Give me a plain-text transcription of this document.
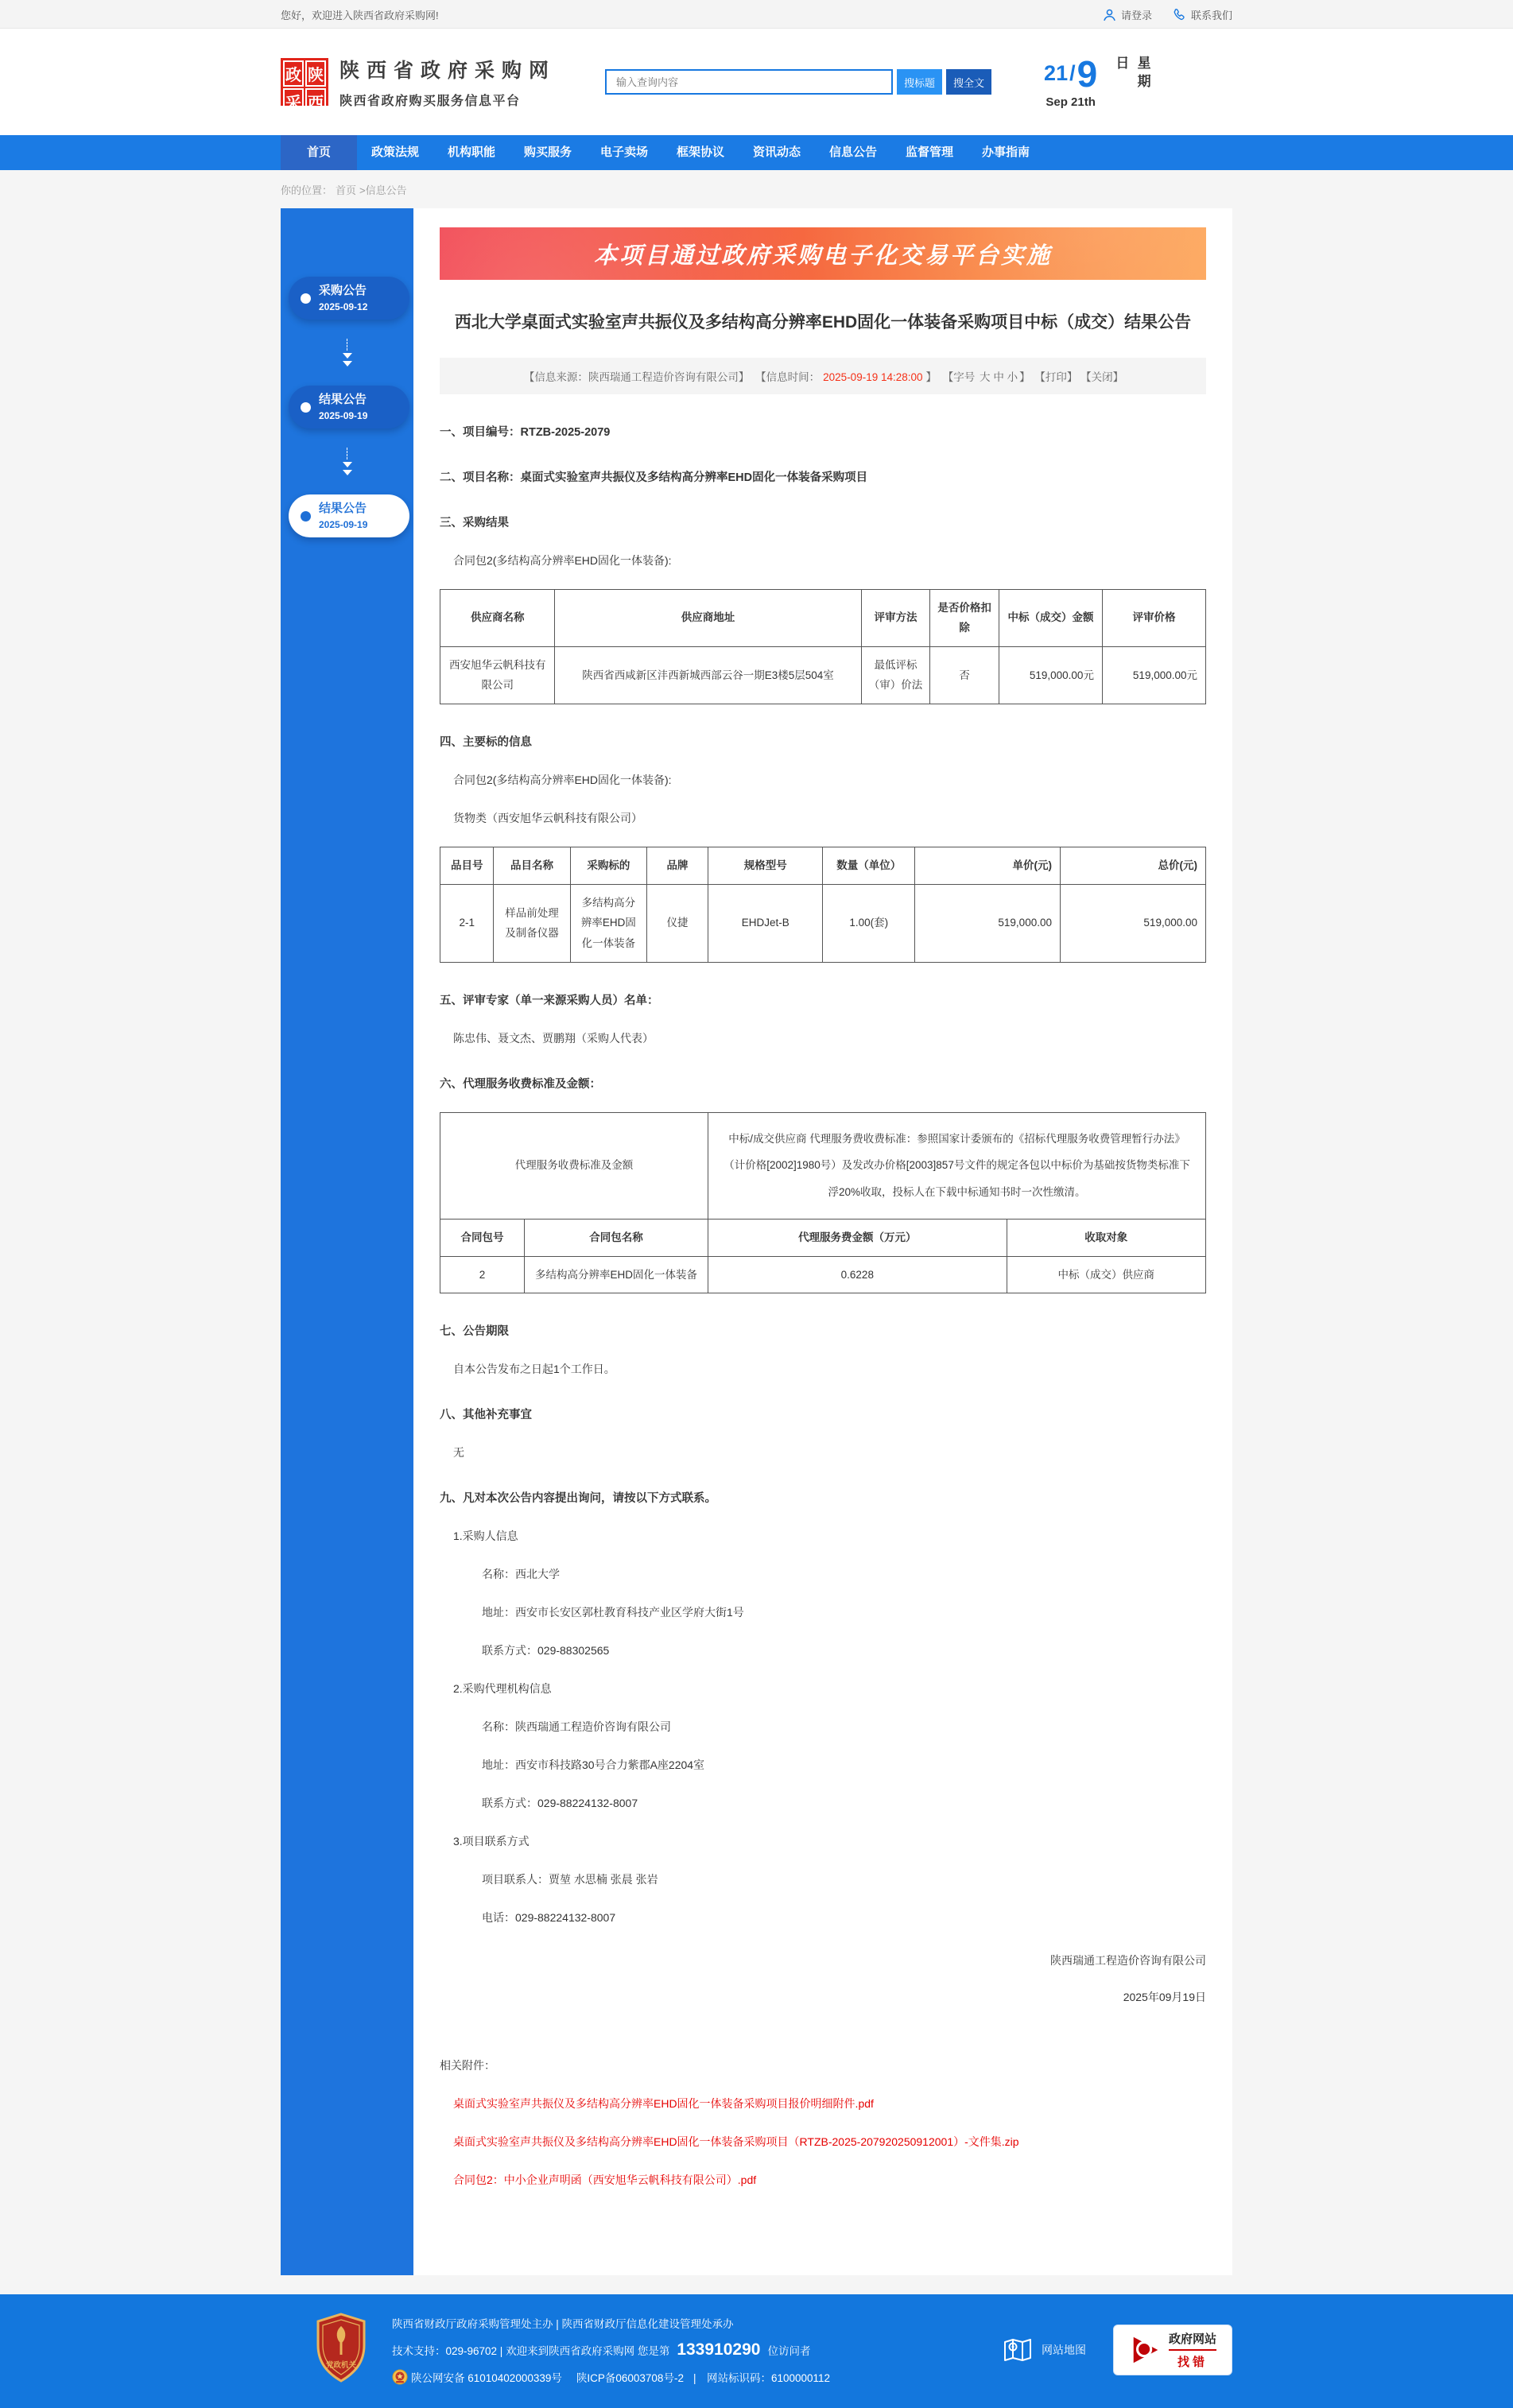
您好，欢迎进入陕西省政府采购网!	请登录	联系我们
政 陕
采 西
陕西省政府采购网
陕西省政府购买服务信息平台
输入查询内容
搜标题	搜全文	21 / 9
Sep 21th
星期日
首页	政策法规	机构职能	购买服务	电子卖场	框架协议	资讯动态	信息公告	监督管理	办事指南
你的位置： 首页 >信息公告
采购公告
2025-09-12
结果公告
2025-09-19
结果公告
2025-09-19
本项目通过政府采购电子化交易平台实施
西北大学桌面式实验室声共振仪及多结构高分辨率EHD固化一体装备采购项目中标（成交）结果公告
【信息来源：陕西瑞通工程造价咨询有限公司】 【信息时间： 2025-09-19 14:28:00 】 【字号 大 中 小 】 【打印】 【关闭】

一、项目编号：RTZB-2025-2079

二、项目名称：桌面式实验室声共振仪及多结构高分辨率EHD固化一体装备采购项目

三、采购结果

合同包2(多结构高分辨率EHD固化一体装备):

供应商名称	供应商地址	评审方法	是否价格扣除	中标（成交）金额	评审价格
西安旭华云帆科技有限公司	陕西省西咸新区沣西新城西部云谷一期E3楼5层504室	最低评标（审）价法	否	519,000.00元	519,000.00元

四、主要标的信息

合同包2(多结构高分辨率EHD固化一体装备):

货物类（西安旭华云帆科技有限公司）

品目号	品目名称	采购标的	品牌	规格型号	数量（单位）	单价(元)	总价(元)
2-1	样品前处理及制备仪器	多结构高分辨率EHD固化一体装备	仪捷	EHDJet-B	1.00(套)	519,000.00	519,000.00

五、评审专家（单一来源采购人员）名单：

陈忠伟、聂文杰、贾鹏翔（采购人代表）

六、代理服务收费标准及金额：

代理服务收费标准及金额		中标/成交供应商 代理服务费收费标准：参照国家计委颁布的《招标代理服务收费管理暂行办法》（计价格[2002]1980号）及发改办价格[2003]857号文件的规定各包以中标价为基础按货物类标准下浮20%收取，投标人在下载中标通知书时一次性缴清。	
合同包号	合同包名称	代理服务费金额（万元）	收取对象
2	多结构高分辨率EHD固化一体装备	0.6228	中标（成交）供应商

七、公告期限

自本公告发布之日起1个工作日。

八、其他补充事宜

无

九、凡对本次公告内容提出询问，请按以下方式联系。

1.采购人信息

名称：西北大学

地址：西安市长安区郭杜教育科技产业区学府大街1号

联系方式：029-88302565

2.采购代理机构信息

名称：陕西瑞通工程造价咨询有限公司

地址：西安市科技路30号合力紫郡A座2204室

联系方式：029-88224132-8007

3.项目联系方式

项目联系人：贾堃 水思楠 张晨 张岩

电话：029-88224132-8007

陕西瑞通工程造价咨询有限公司
2025年09月19日

相关附件：

桌面式实验室声共振仪及多结构高分辨率EHD固化一体装备采购项目报价明细附件.pdf
桌面式实验室声共振仪及多结构高分辨率EHD固化一体装备采购项目（RTZB-2025-207920250912001）-文件集.zip
合同包2：中小企业声明函（西安旭华云帆科技有限公司）.pdf
党政机关
陕西省财政厅政府采购管理处主办 | 陕西省财政厅信息化建设管理处承办
技术支持：029-96702 | 欢迎来到陕西省政府采购网 您是第 133910290 位访问者
陕公网安备 61010402000339号 陕ICP备06003708号-2 |　网站标识码：6100000112
网站地图
政府网站
找错
